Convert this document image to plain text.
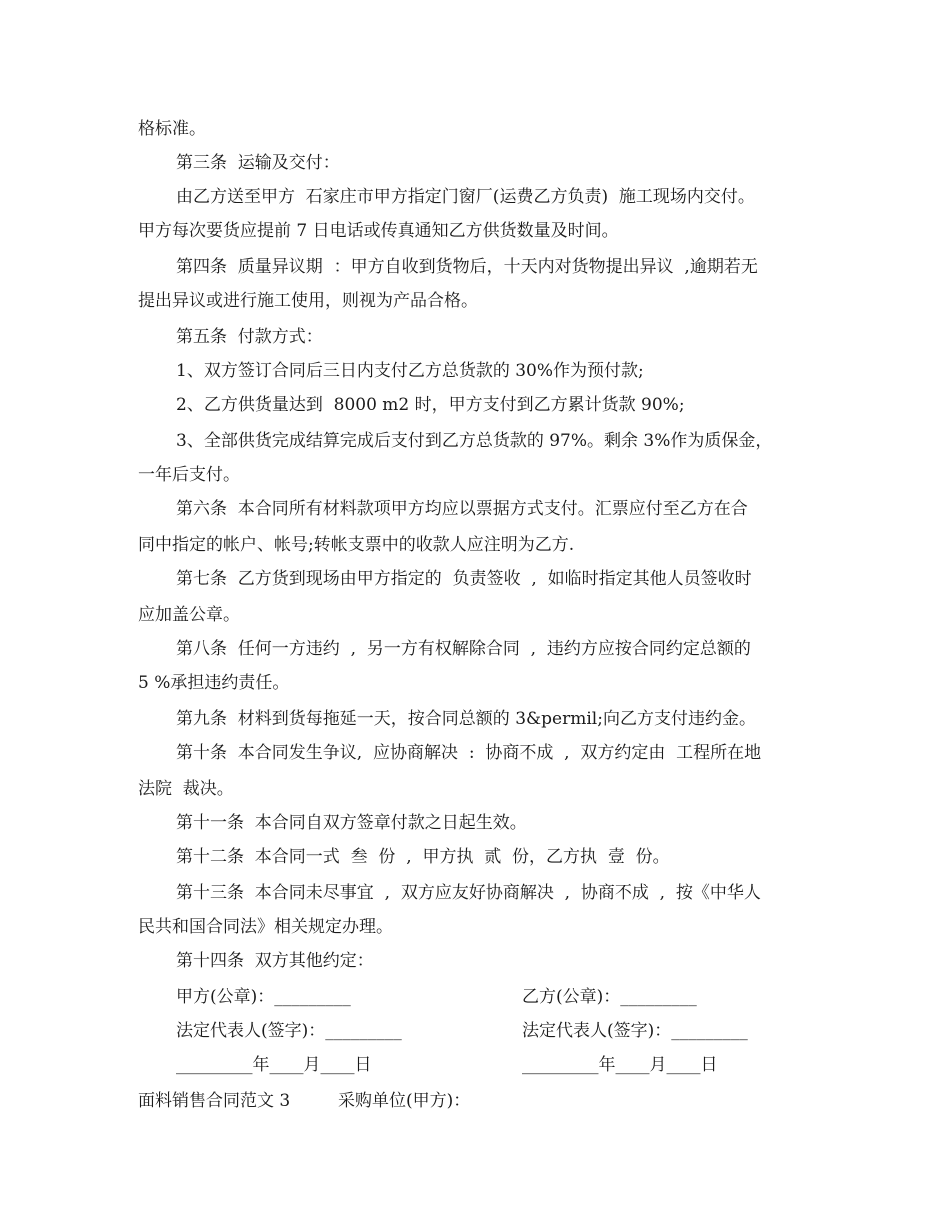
格标准。

第三条  运输及交付：

由乙方送至甲方  石家庄市甲方指定门窗厂(运费乙方负责)  施工现场内交付。

甲方每次要货应提前 7 日电话或传真通知乙方供货数量及时间。

第四条  质量异议期  ：甲方自收到货物后，十天内对货物提出异议  ,逾期若无

提出异议或进行施工使用，则视为产品合格。

第五条  付款方式：

1、双方签订合同后三日内支付乙方总货款的 30%作为预付款;

2、乙方供货量达到  8000 m2 时，甲方支付到乙方累计货款 90%;

3、全部供货完成结算完成后支付到乙方总货款的 97%。剩余 3%作为质保金，

一年后支付。

第六条  本合同所有材料款项甲方均应以票据方式支付。汇票应付至乙方在合

同中指定的帐户、帐号;转帐支票中的收款人应注明为乙方.

第七条  乙方货到现场由甲方指定的  负责签收  ,  如临时指定其他人员签收时

应加盖公章。

第八条  任何一方违约  ,  另一方有权解除合同  ,  违约方应按合同约定总额的

5 %承担违约责任。

第九条  材料到货每拖延一天，按合同总额的 3&permil;向乙方支付违约金。

第十条  本合同发生争议,  应协商解决  :  协商不成  ,  双方约定由  工程所在地

法院  裁决。

第十一条  本合同自双方签章付款之日起生效。

第十二条  本合同一式  叁  份  ,  甲方执  贰  份，乙方执  壹  份。

第十三条  本合同未尽事宜  ,  双方应友好协商解决  ,  协商不成  ,  按《中华人

民共和国合同法》相关规定办理。

第十四条  双方其他约定：

甲方(公章)：_________	乙方(公章)：_________

法定代表人(签字)：_________	法定代表人(签字)：_________

_________年____月____日	_________年____月____日

面料销售合同范文 3	采购单位(甲方)：
